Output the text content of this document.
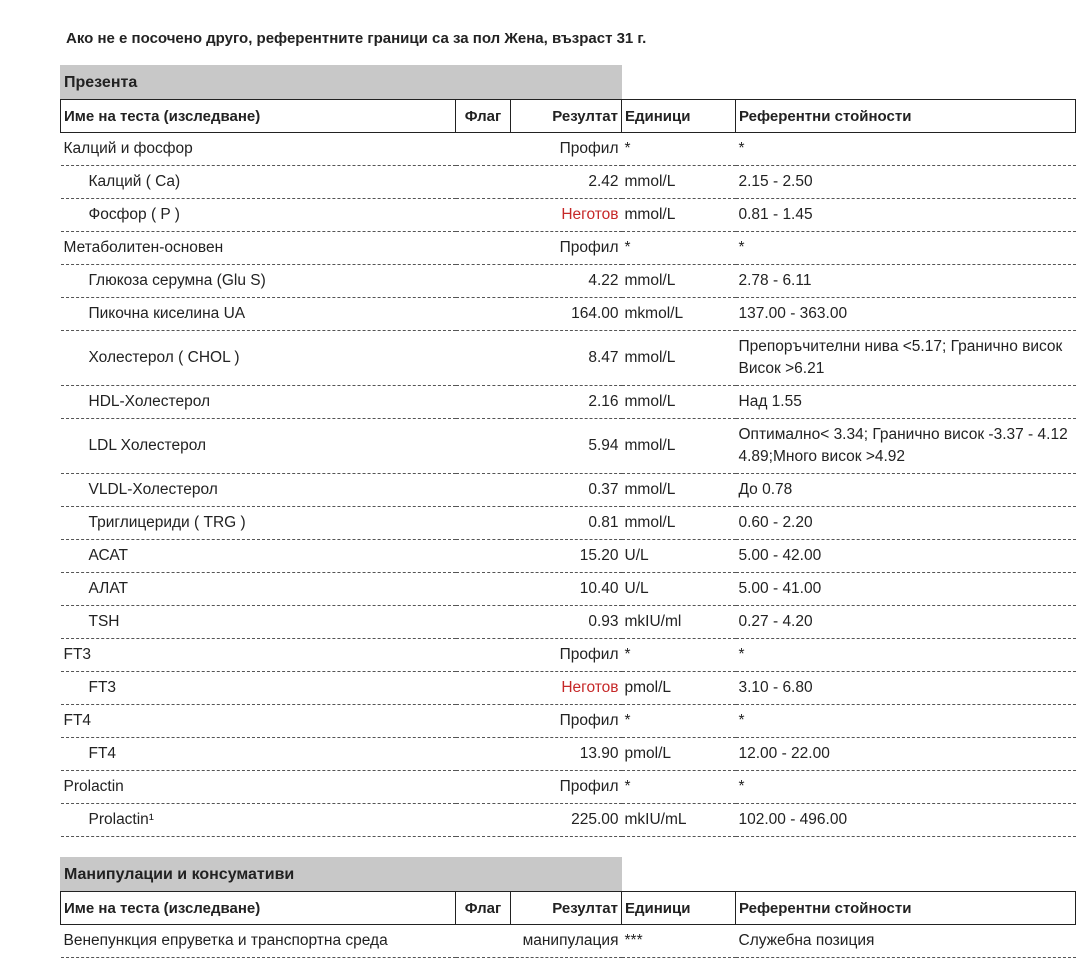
Ако не е посочено друго, референтните граници са за пол Жена, възраст 31 г.
Презента
Име на теста (изследване)	Флаг	Резултат	Единици	Референтни стойности
Калций и фосфор		Профил	*	*

Калций ( Ca)		2.42	mmol/L	2.15 - 2.50

Фосфор ( P )		Неготов	mmol/L	0.81 - 1.45

Метаболитен-основен		Профил	*	*

Глюкоза серумна (Glu S)		4.22	mmol/L	2.78 - 6.11

Пикочна киселина UA		164.00	mkmol/L	137.00 - 363.00

Холестерол ( CHOL )		8.47	mmol/L	Препоръчителни нива <5.17; Гранично висок
Висок >6.21

HDL-Холестерол		2.16	mmol/L	Над 1.55

LDL Холестерол		5.94	mmol/L	Оптимално< 3.34; Гранично висок -3.37 - 4.12
4.89;Много висок >4.92

VLDL-Холестерол		0.37	mmol/L	До 0.78

Триглицериди ( TRG )		0.81	mmol/L	0.60 - 2.20

АСАТ		15.20	U/L	5.00 - 42.00

АЛАТ		10.40	U/L	5.00 - 41.00

TSH		0.93	mkIU/ml	0.27 - 4.20

FT3		Профил	*	*

FT3		Неготов	pmol/L	3.10 - 6.80

FT4		Профил	*	*

FT4		13.90	pmol/L	12.00 - 22.00

Prolactin		Профил	*	*

Prolactin¹		225.00	mkIU/mL	102.00 - 496.00
Манипулации и консумативи
Име на теста (изследване)	Флаг	Резултат	Единици	Референтни стойности
Венепункция епруветка и транспортна среда		манипулация	***	Служебна позиция
